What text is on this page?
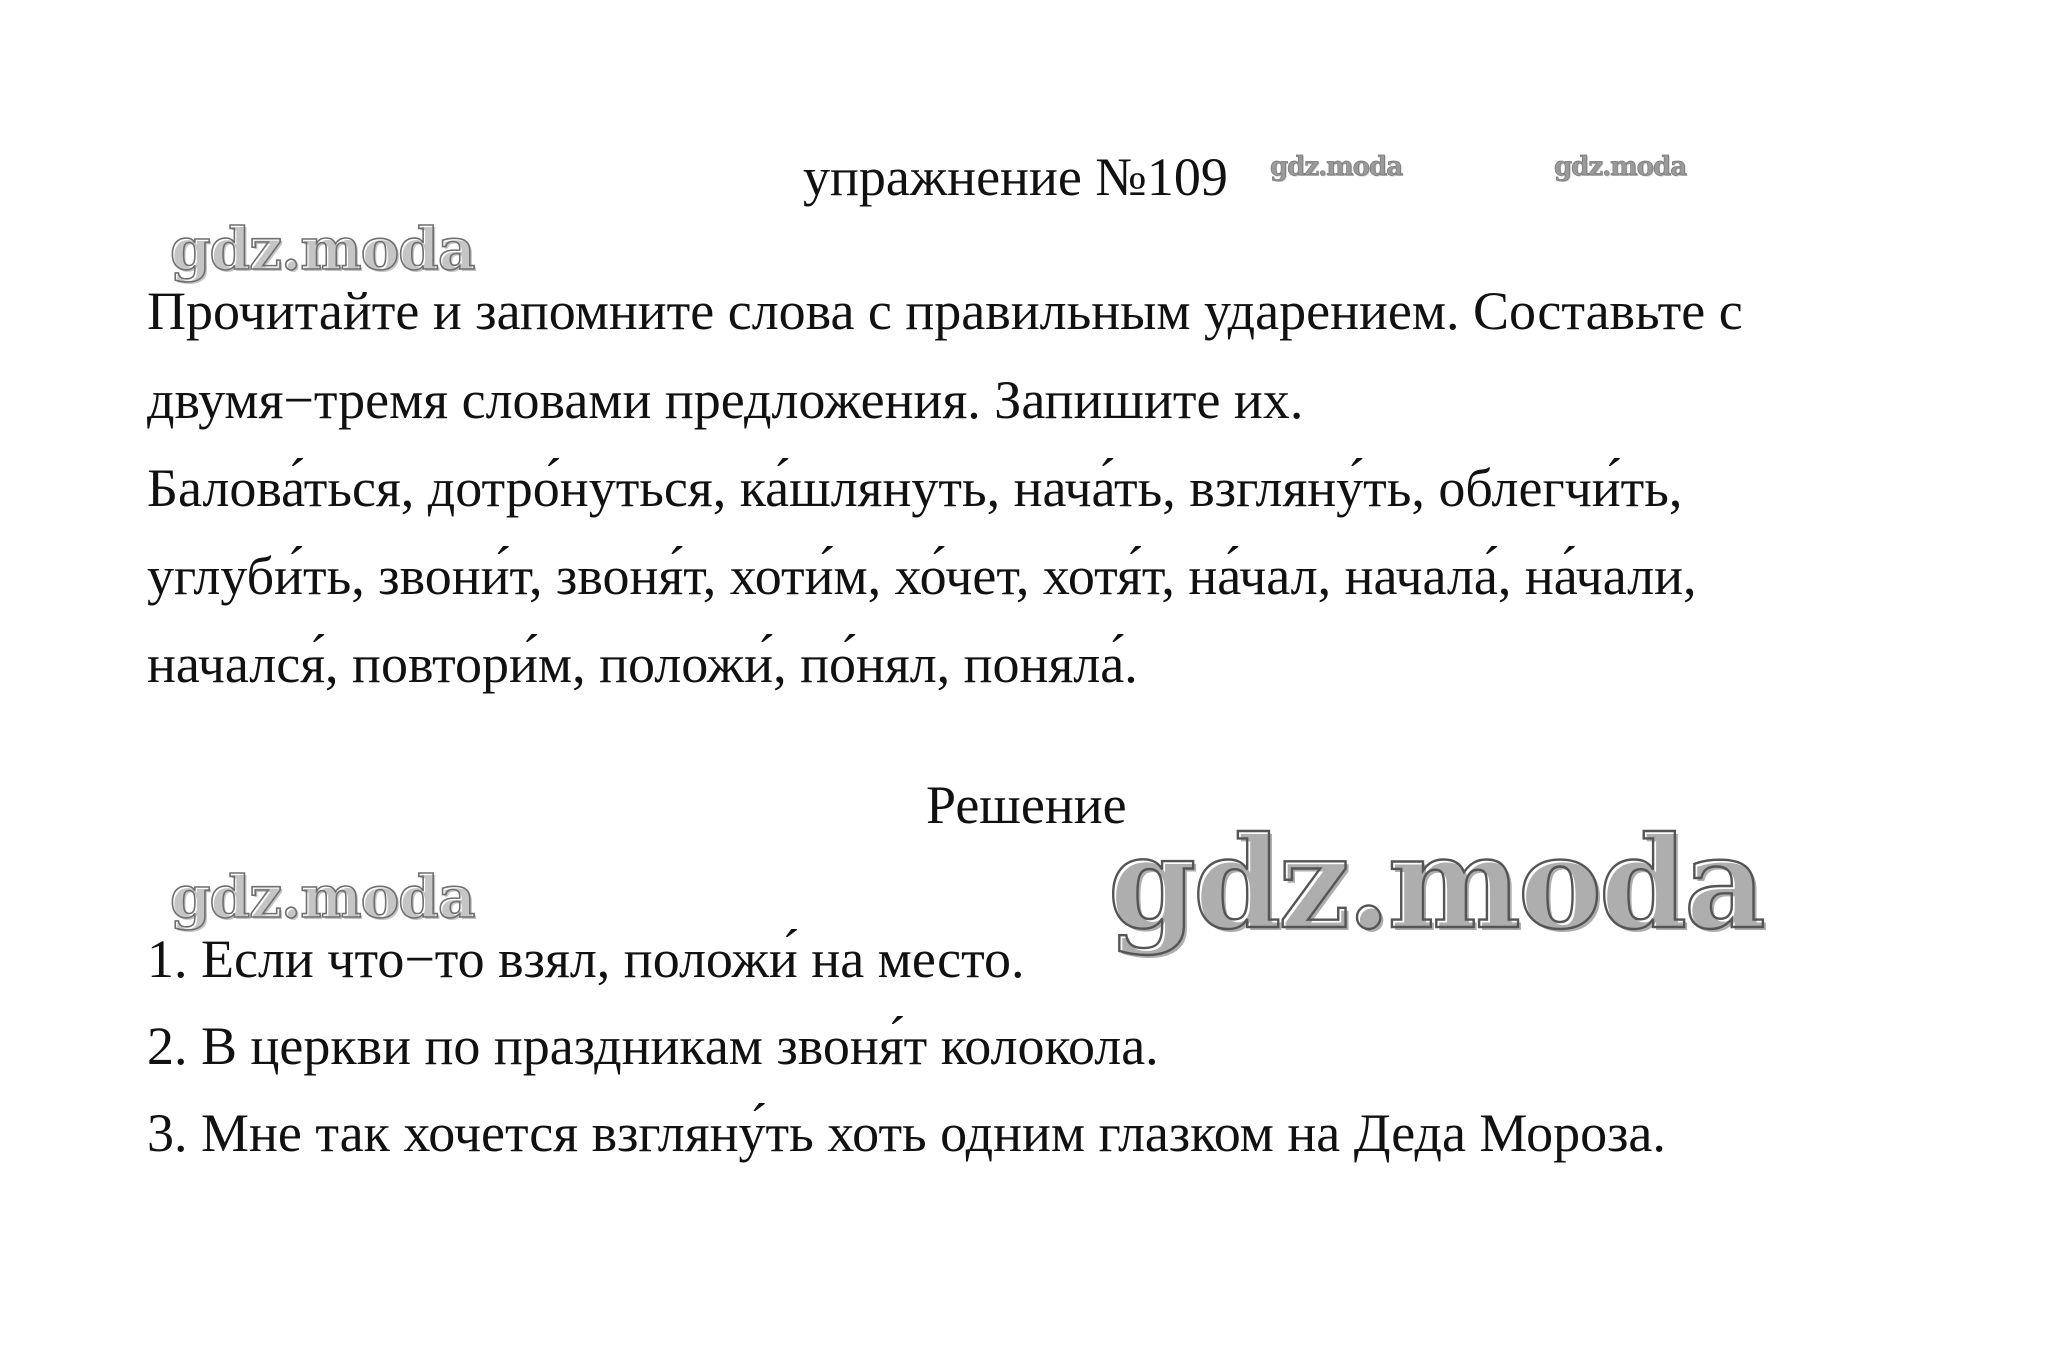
упражнение №109
Прочитайте и запомните слова с правильным ударением. Составьте с
двумя−тремя словами предложения. Запишите их.
Балова́ться, дотро́нуться, ка́шлянуть, нача́ть, взгляну́ть, облегчи́ть,
углуби́ть, звони́т, звоня́т, хоти́м, хо́чет, хотя́т, на́чал, начала́, на́чали,
начался́, повтори́м, положи́, по́нял, поняла́.
Решение
1. Если что−то взял, положи́ на место.
2. В церкви по праздникам звоня́т колокола.
3. Мне так хочется взгляну́ть хоть одним глазком на Деда Мороза.
gdz.moda	gdz.moda
gdz.moda
gdz.moda	gdz.moda
